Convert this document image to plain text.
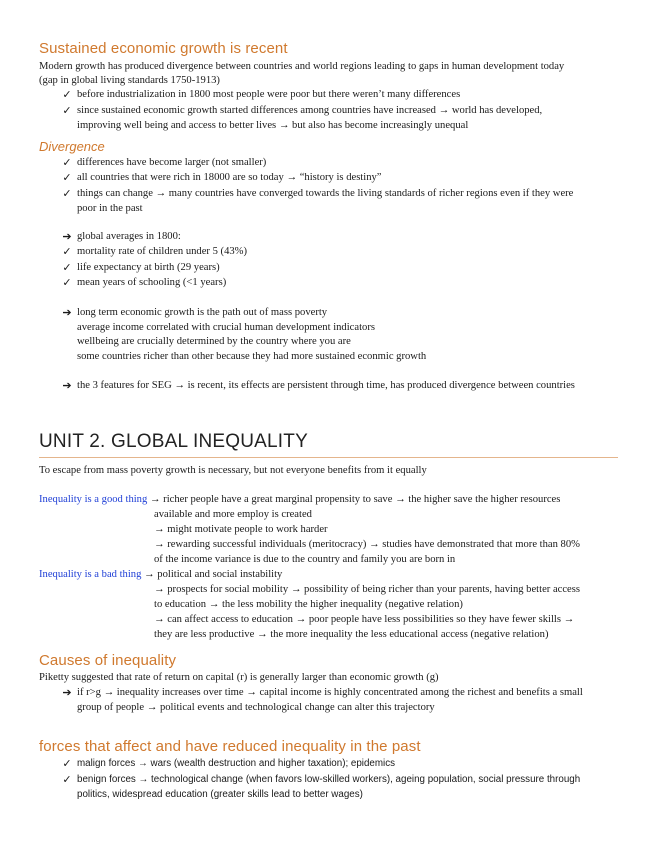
Sustained economic growth is recent
Modern growth has produced divergence between countries and world regions leading to gaps in human development today
(gap in global living standards 1750-1913)
✓ before industrialization in 1800 most people were poor but there weren’t many differences
✓ since sustained economic growth started differences among countries have increased → world has developed,
improving well being and access to better lives → but also has become increasingly unequal
Divergence
✓ differences have become larger (not smaller)
✓ all countries that were rich in 18000 are so today → “history is destiny”
✓ things can change → many countries have converged towards the living standards of richer regions even if they were
poor in the past
➔ global averages in 1800:
✓ mortality rate of children under 5 (43%)
✓ life expectancy at birth (29 years)
✓ mean years of schooling (<1 years)
➔ long term economic growth is the path out of mass poverty
average income correlated with crucial human development indicators
wellbeing are crucially determined by the country where you are
some countries richer than other because they had more sustained econmic growth
➔ the 3 features for SEG → is recent, its effects are persistent through time, has produced divergence between countries
UNIT 2. GLOBAL INEQUALITY
To escape from mass poverty growth is necessary, but not everyone benefits from it equally
Inequality is a good thing → richer people have a great marginal propensity to save → the higher save the higher resources
available and more employ is created
→ might motivate people to work harder
→ rewarding successful individuals (meritocracy) → studies have demonstrated that more than 80%
of the income variance is due to the country and family you are born in
Inequality is a bad thing → political and social instability
→ prospects for social mobility → possibility of being richer than your parents, having better access
to education → the less mobility the higher inequality (negative relation)
→ can affect access to education → poor people have less possibilities so they have fewer skills →
they are less productive → the more inequality the less educational access (negative relation)
Causes of inequality
Piketty suggested that rate of return on capital (r) is generally larger than economic growth (g)
➔ if r>g → inequality increases over time → capital income is highly concentrated among the richest and benefits a small
group of people → political events and technological change can alter this trajectory
forces that affect and have reduced inequality in the past
✓ malign forces → wars (wealth destruction and higher taxation); epidemics
✓ benign forces → technological change (when favors low-skilled workers), ageing population, social pressure through
politics, widespread education (greater skills lead to better wages)
